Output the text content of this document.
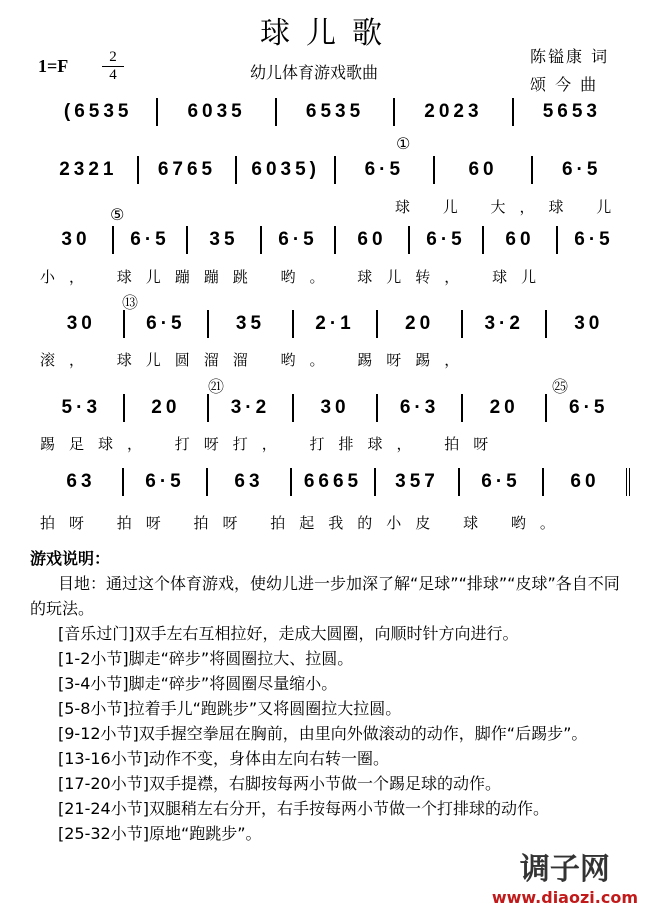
球儿歌
1=F	2
4	幼儿体育游戏歌曲
陈镒康 词
颂 今 曲
(6535	6035	6535	2023	5653
2321	6765	6035)	6·5	60	6·5
①
球 儿 大，球 儿
30	6·5	35	6·5	60	6·5	60	6·5
⑤
小， 球儿蹦蹦跳 哟。 球儿转， 球儿
30	6·5	35	2·1	20	3·2	30
⑬
滚， 球儿圆溜溜 哟。 踢呀踢，
5·3	20	3·2	30	6·3	20	6·5
㉑	㉕
踢足球， 打呀打， 打排球， 拍呀
63	6·5	63	6665	357	6·5	60
拍呀 拍呀 拍呀 拍起我的小皮 球 哟。
游戏说明：

目地：通过这个体育游戏，使幼儿进一步加深了解“足球”“排球”“皮球”各自不同的玩法。

[音乐过门]双手左右互相拉好，走成大圆圈，向顺时针方向进行。

[1-2小节]脚走“碎步”将圆圈拉大、拉圆。

[3-4小节]脚走“碎步”将圆圈尽量缩小。

[5-8小节]拉着手儿“跑跳步”又将圆圈拉大拉圆。

[9-12小节]双手握空拳屈在胸前，由里向外做滚动的动作，脚作“后踢步”。

[13-16小节]动作不变，身体由左向右转一圈。

[17-20小节]双手提襟，右脚按每两小节做一个踢足球的动作。

[21-24小节]双腿稍左右分开，右手按每两小节做一个打排球的动作。

[25-32小节]原地“跑跳步”。

调子网
www.diaozi.com
